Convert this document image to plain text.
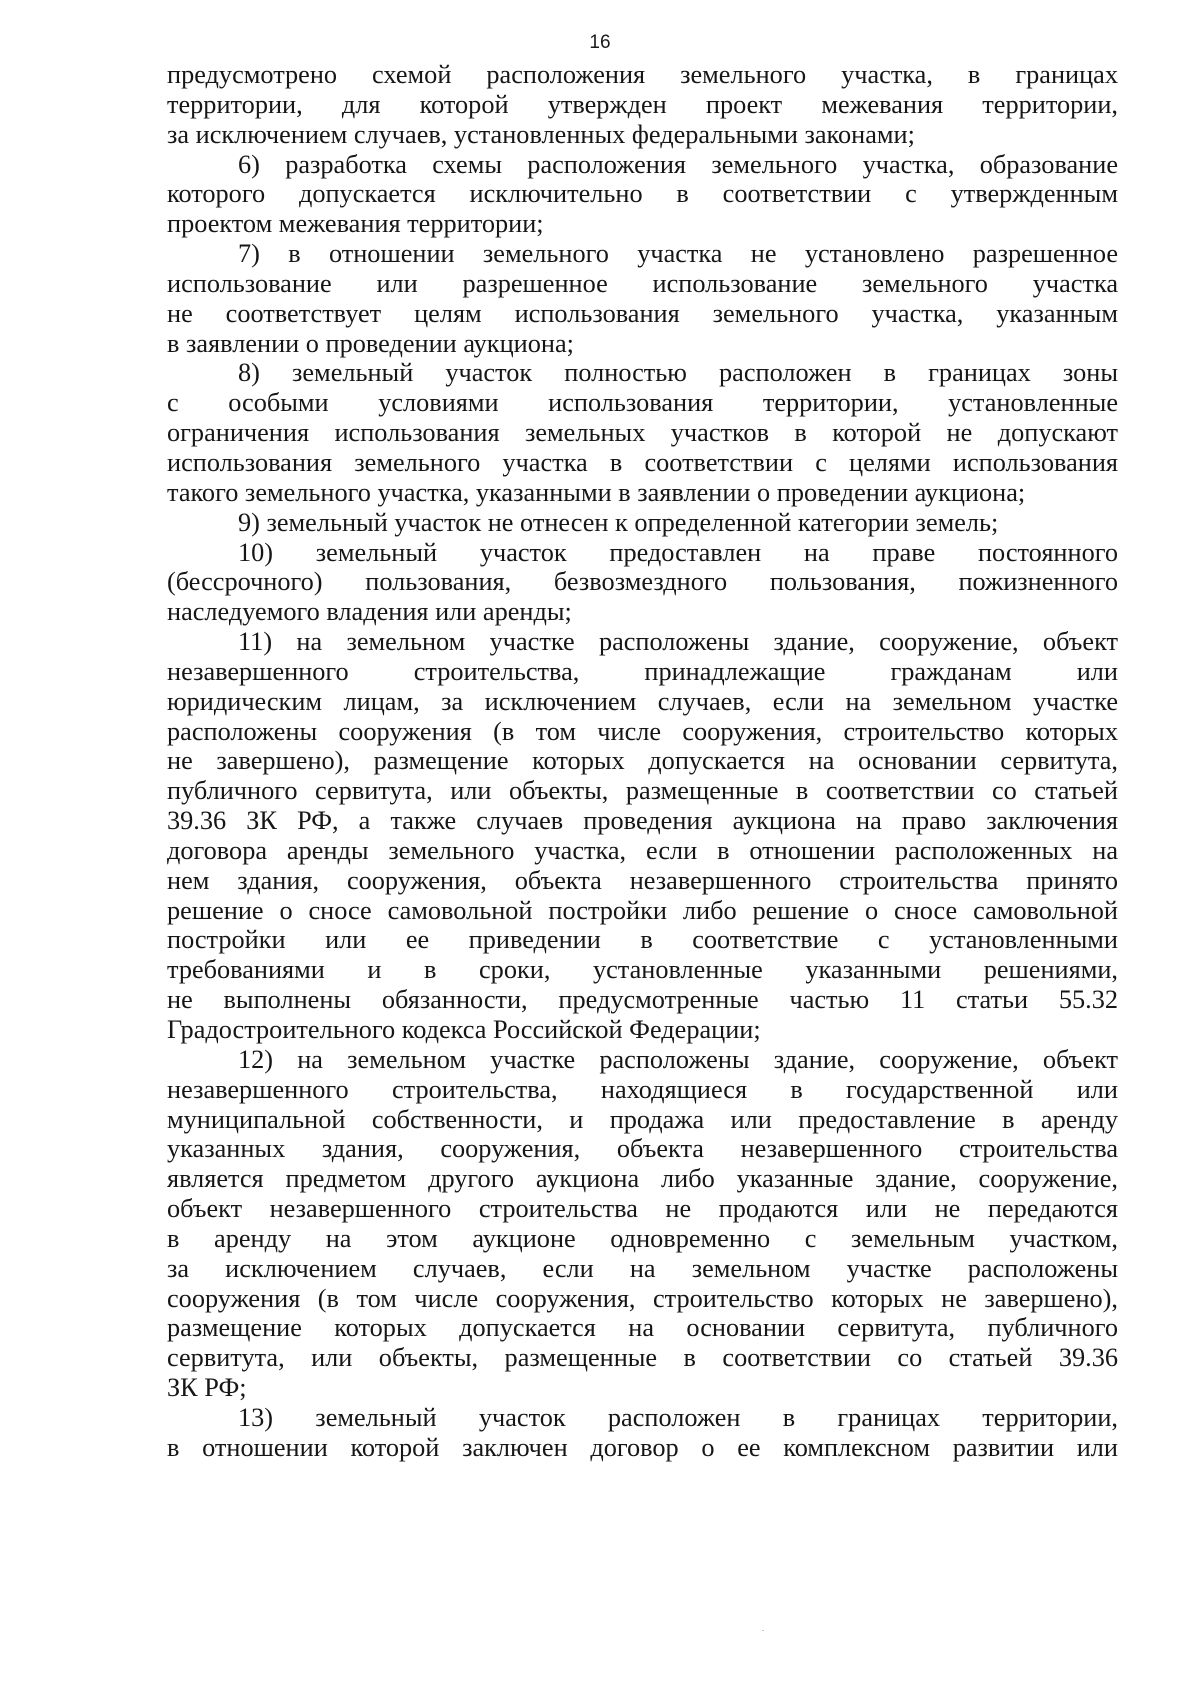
16
предусмотрено схемой расположения земельного участка, в границах
территории, для которой утвержден проект межевания территории,
за исключением случаев, установленных федеральными законами;
6) разработка схемы расположения земельного участка, образование
которого допускается исключительно в соответствии с утвержденным
проектом межевания территории;
7) в отношении земельного участка не установлено разрешенное
использование или разрешенное использование земельного участка
не соответствует целям использования земельного участка, указанным
в заявлении о проведении аукциона;
8) земельный участок полностью расположен в границах зоны
с особыми условиями использования территории, установленные
ограничения использования земельных участков в которой не допускают
использования земельного участка в соответствии с целями использования
такого земельного участка, указанными в заявлении о проведении аукциона;
9) земельный участок не отнесен к определенной категории земель;
10) земельный участок предоставлен на праве постоянного
(бессрочного) пользования, безвозмездного пользования, пожизненного
наследуемого владения или аренды;
11) на земельном участке расположены здание, сооружение, объект
незавершенного строительства, принадлежащие гражданам или
юридическим лицам, за исключением случаев, если на земельном участке
расположены сооружения (в том числе сооружения, строительство которых
не завершено), размещение которых допускается на основании сервитута,
публичного сервитута, или объекты, размещенные в соответствии со статьей
39.36 ЗК РФ, а также случаев проведения аукциона на право заключения
договора аренды земельного участка, если в отношении расположенных на
нем здания, сооружения, объекта незавершенного строительства принято
решение о сносе самовольной постройки либо решение о сносе самовольной
постройки или ее приведении в соответствие с установленными
требованиями и в сроки, установленные указанными решениями,
не выполнены обязанности, предусмотренные частью 11 статьи 55.32
Градостроительного кодекса Российской Федерации;
12) на земельном участке расположены здание, сооружение, объект
незавершенного строительства, находящиеся в государственной или
муниципальной собственности, и продажа или предоставление в аренду
указанных здания, сооружения, объекта незавершенного строительства
является предметом другого аукциона либо указанные здание, сооружение,
объект незавершенного строительства не продаются или не передаются
в аренду на этом аукционе одновременно с земельным участком,
за исключением случаев, если на земельном участке расположены
сооружения (в том числе сооружения, строительство которых не завершено),
размещение которых допускается на основании сервитута, публичного
сервитута, или объекты, размещенные в соответствии со статьей 39.36
ЗК РФ;
13) земельный участок расположен в границах территории,
в отношении которой заключен договор о ее комплексном развитии или
